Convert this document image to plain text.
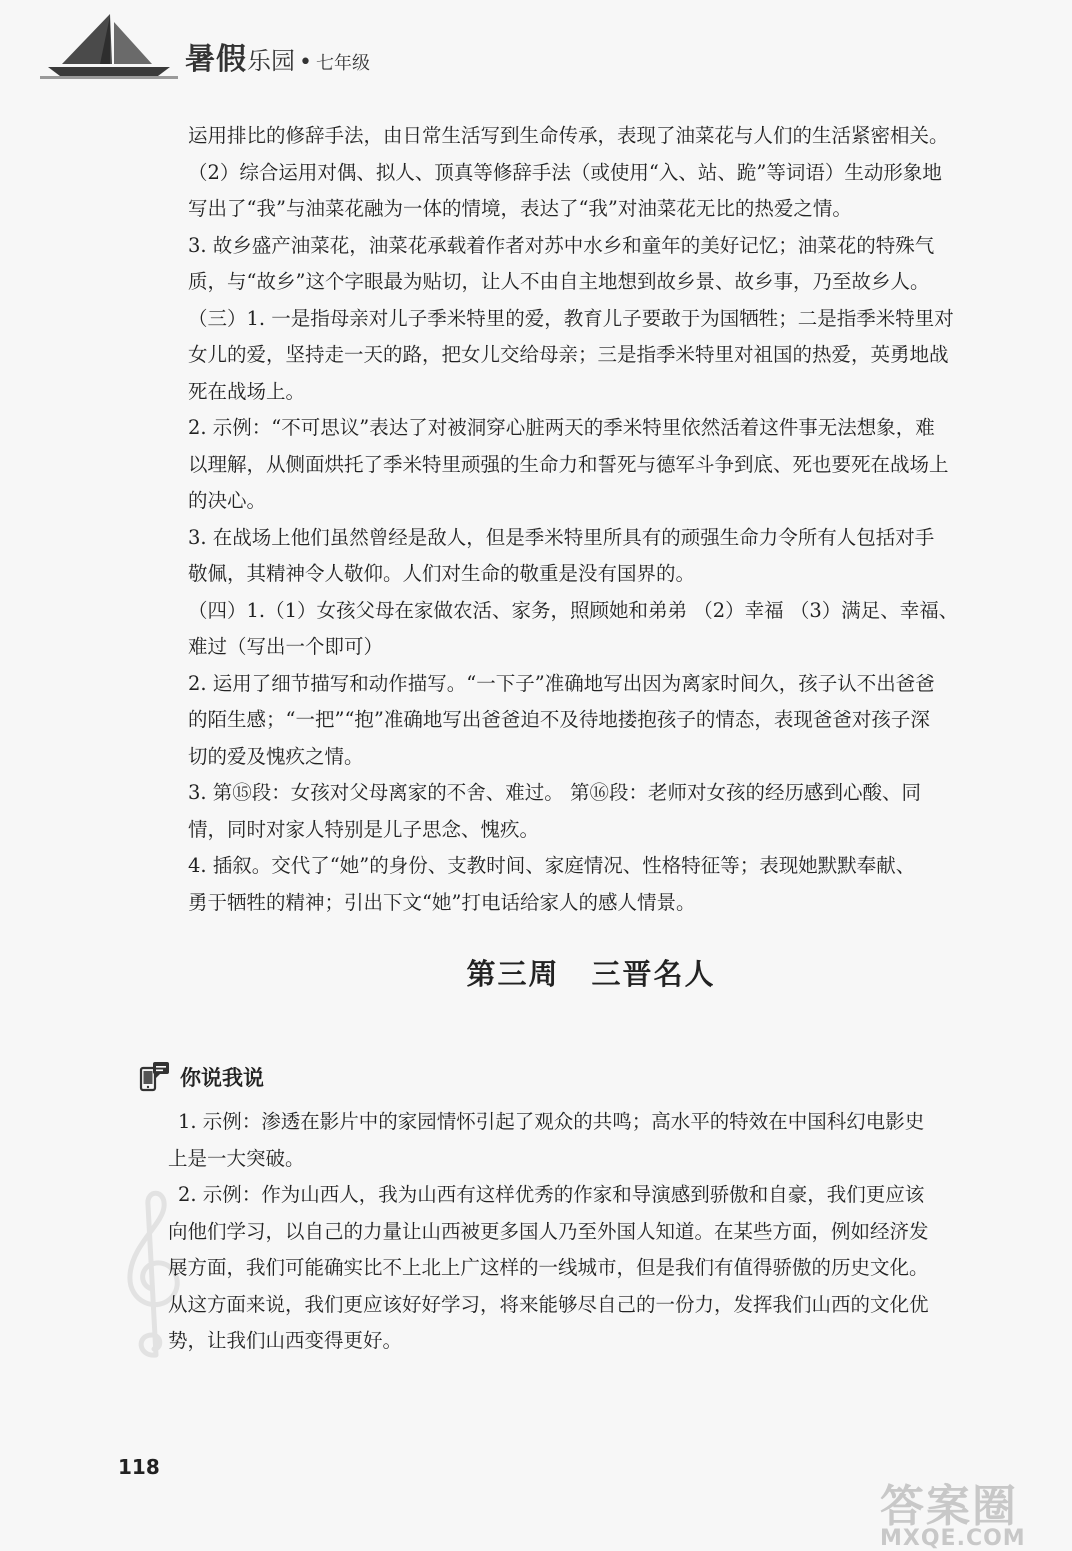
暑假乐园 • 七年级

运用排比的修辞手法，由日常生活写到生命传承，表现了油菜花与人们的生活紧密相关。

（2）综合运用对偶、拟人、顶真等修辞手法（或使用“入、站、跪”等词语）生动形象地

写出了“我”与油菜花融为一体的情境，表达了“我”对油菜花无比的热爱之情。

3. 故乡盛产油菜花，油菜花承载着作者对苏中水乡和童年的美好记忆；油菜花的特殊气

质，与“故乡”这个字眼最为贴切，让人不由自主地想到故乡景、故乡事，乃至故乡人。

（三）1. 一是指母亲对儿子季米特里的爱，教育儿子要敢于为国牺牲；二是指季米特里对

女儿的爱，坚持走一天的路，把女儿交给母亲；三是指季米特里对祖国的热爱，英勇地战

死在战场上。

2. 示例：“不可思议”表达了对被洞穿心脏两天的季米特里依然活着这件事无法想象，难

以理解，从侧面烘托了季米特里顽强的生命力和誓死与德军斗争到底、死也要死在战场上

的决心。

3. 在战场上他们虽然曾经是敌人，但是季米特里所具有的顽强生命力令所有人包括对手

敬佩，其精神令人敬仰。人们对生命的敬重是没有国界的。

（四）1.（1）女孩父母在家做农活、家务，照顾她和弟弟 （2）幸福 （3）满足、幸福、

难过（写出一个即可）

2. 运用了细节描写和动作描写。“一下子”准确地写出因为离家时间久，孩子认不出爸爸

的陌生感；“一把”“抱”准确地写出爸爸迫不及待地搂抱孩子的情态，表现爸爸对孩子深

切的爱及愧疚之情。

3. 第⑮段：女孩对父母离家的不舍、难过。 第⑯段：老师对女孩的经历感到心酸、同

情，同时对家人特别是儿子思念、愧疚。

4. 插叙。交代了“她”的身份、支教时间、家庭情况、性格特征等；表现她默默奉献、

勇于牺牲的精神；引出下文“她”打电话给家人的感人情景。

第三周 三晋名人
你说我说

1. 示例：渗透在影片中的家园情怀引起了观众的共鸣；高水平的特效在中国科幻电影史

上是一大突破。

2. 示例：作为山西人，我为山西有这样优秀的作家和导演感到骄傲和自豪，我们更应该

向他们学习，以自己的力量让山西被更多国人乃至外国人知道。在某些方面，例如经济发

展方面，我们可能确实比不上北上广这样的一线城市，但是我们有值得骄傲的历史文化。

从这方面来说，我们更应该好好学习，将来能够尽自己的一份力，发挥我们山西的文化优

势，让我们山西变得更好。

118
答案圈
MXQE.COM
